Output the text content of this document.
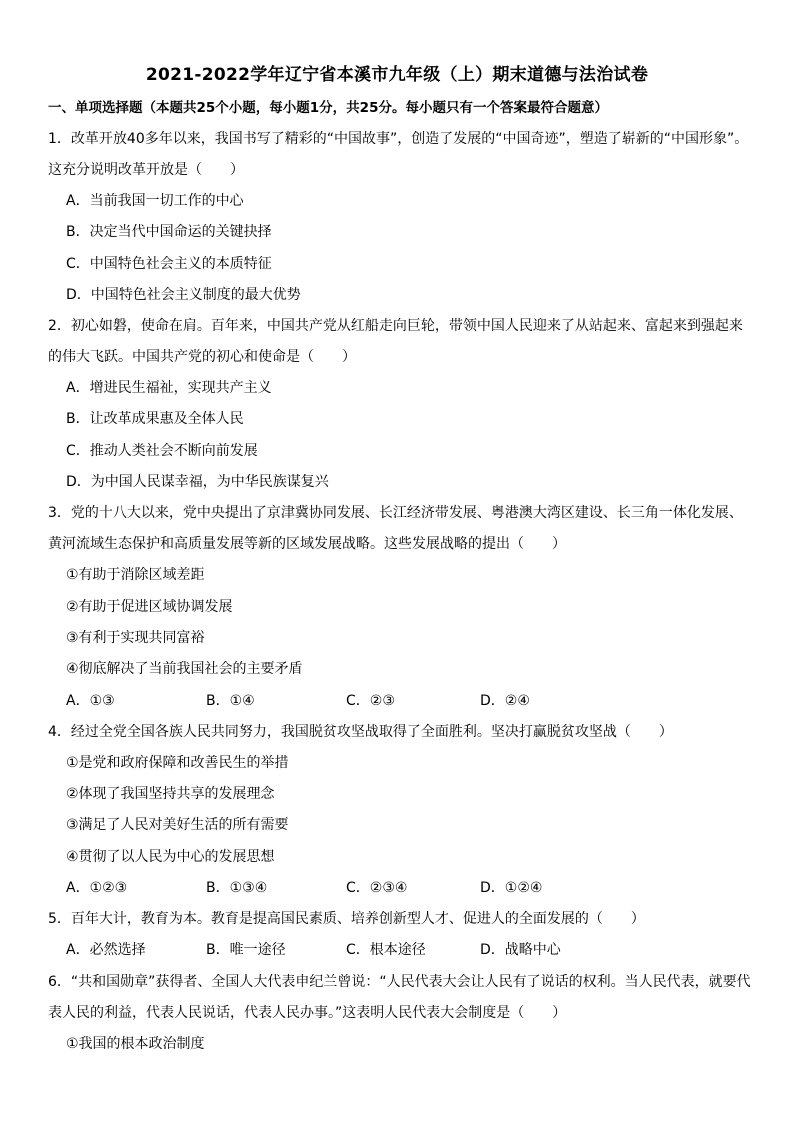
2021-2022学年辽宁省本溪市九年级（上）期末道德与法治试卷
一、单项选择题（本题共25个小题，每小题1分，共25分。每小题只有一个答案最符合题意）
1．改革开放40多年以来，我国书写了精彩的“中国故事”，创造了发展的“中国奇迹”，塑造了崭新的“中国形象”。这充分说明改革开放是（　　）
A．当前我国一切工作的中心
B．决定当代中国命运的关键抉择
C．中国特色社会主义的本质特征
D．中国特色社会主义制度的最大优势
2．初心如磐，使命在肩。百年来，中国共产党从红船走向巨轮，带领中国人民迎来了从站起来、富起来到强起来的伟大飞跃。中国共产党的初心和使命是（　　）
A．增进民生福祉，实现共产主义
B．让改革成果惠及全体人民
C．推动人类社会不断向前发展
D．为中国人民谋幸福，为中华民族谋复兴
3．党的十八大以来，党中央提出了京津冀协同发展、长江经济带发展、粤港澳大湾区建设、长三角一体化发展、黄河流域生态保护和高质量发展等新的区域发展战略。这些发展战略的提出（　　）
①有助于消除区域差距
②有助于促进区域协调发展
③有利于实现共同富裕
④彻底解决了当前我国社会的主要矛盾
A．①③	B．①④	C．②③	D．②④
4．经过全党全国各族人民共同努力，我国脱贫攻坚战取得了全面胜利。坚决打赢脱贫攻坚战（　　）
①是党和政府保障和改善民生的举措
②体现了我国坚持共享的发展理念
③满足了人民对美好生活的所有需要
④贯彻了以人民为中心的发展思想
A．①②③	B．①③④	C．②③④	D．①②④
5．百年大计，教育为本。教育是提高国民素质、培养创新型人才、促进人的全面发展的（　　）
A．必然选择	B．唯一途径	C．根本途径	D．战略中心
6．“共和国勋章”获得者、全国人大代表申纪兰曾说：“人民代表大会让人民有了说话的权利。当人民代表，就要代表人民的利益，代表人民说话，代表人民办事。”这表明人民代表大会制度是（　　）
①我国的根本政治制度
